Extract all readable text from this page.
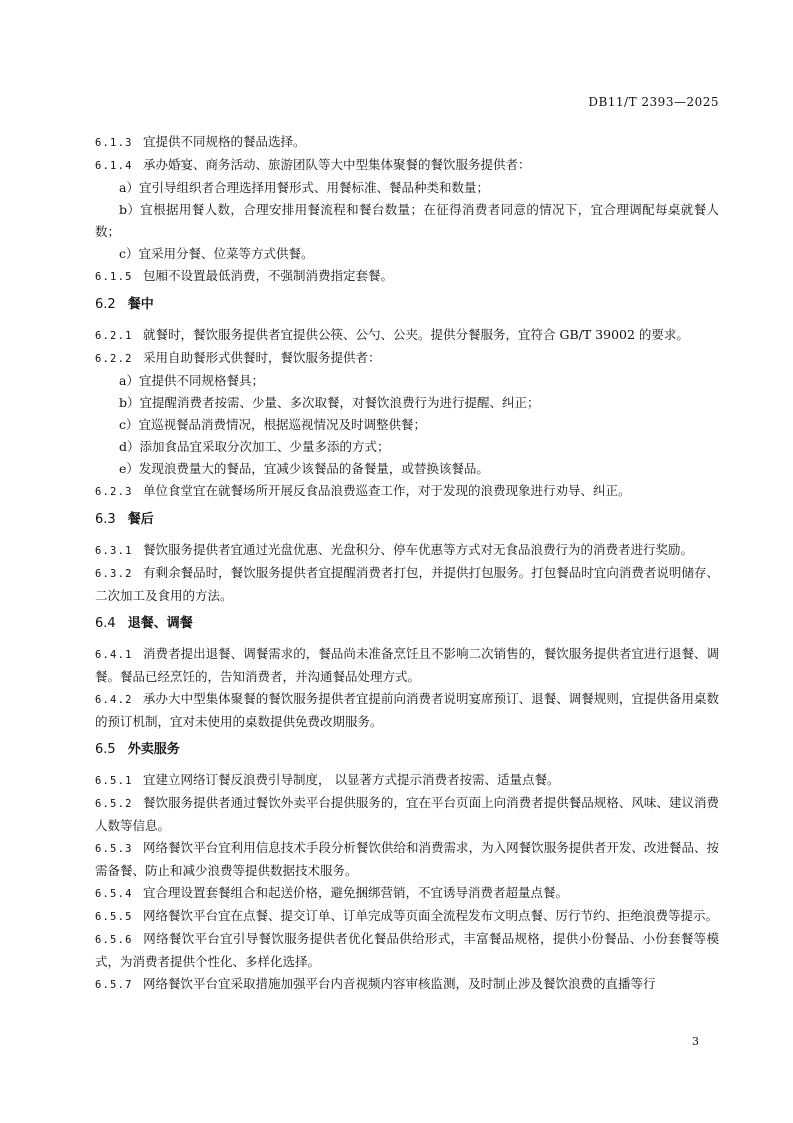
DB11/T 2393—2025

6.1.3 宜提供不同规格的餐品选择。

6.1.4 承办婚宴、商务活动、旅游团队等大中型集体聚餐的餐饮服务提供者：

a）宜引导组织者合理选择用餐形式、用餐标准、餐品种类和数量；

b）宜根据用餐人数，合理安排用餐流程和餐台数量；在征得消费者同意的情况下，宜合理调配每桌就餐人数；

c）宜采用分餐、位菜等方式供餐。

6.1.5 包厢不设置最低消费，不强制消费指定套餐。

6.2 餐中

6.2.1 就餐时，餐饮服务提供者宜提供公筷、公勺、公夹。提供分餐服务，宜符合 GB/T 39002 的要求。

6.2.2 采用自助餐形式供餐时，餐饮服务提供者：

a）宜提供不同规格餐具；

b）宜提醒消费者按需、少量、多次取餐，对餐饮浪费行为进行提醒、纠正；

c）宜巡视餐品消费情况，根据巡视情况及时调整供餐；

d）添加食品宜采取分次加工、少量多添的方式；

e）发现浪费量大的餐品，宜减少该餐品的备餐量，或替换该餐品。

6.2.3 单位食堂宜在就餐场所开展反食品浪费巡查工作，对于发现的浪费现象进行劝导、纠正。

6.3 餐后

6.3.1 餐饮服务提供者宜通过光盘优惠、光盘积分、停车优惠等方式对无食品浪费行为的消费者进行奖励。

6.3.2 有剩余餐品时，餐饮服务提供者宜提醒消费者打包，并提供打包服务。打包餐品时宜向消费者说明储存、二次加工及食用的方法。

6.4 退餐、调餐

6.4.1 消费者提出退餐、调餐需求的，餐品尚未准备烹饪且不影响二次销售的，餐饮服务提供者宜进行退餐、调餐。餐品已经烹饪的，告知消费者，并沟通餐品处理方式。

6.4.2 承办大中型集体聚餐的餐饮服务提供者宜提前向消费者说明宴席预订、退餐、调餐规则，宜提供备用桌数的预订机制，宜对未使用的桌数提供免费改期服务。

6.5 外卖服务

6.5.1 宜建立网络订餐反浪费引导制度， 以显著方式提示消费者按需、适量点餐。

6.5.2 餐饮服务提供者通过餐饮外卖平台提供服务的，宜在平台页面上向消费者提供餐品规格、风味、建议消费人数等信息。

6.5.3 网络餐饮平台宜利用信息技术手段分析餐饮供给和消费需求，为入网餐饮服务提供者开发、改进餐品、按需备餐、防止和减少浪费等提供数据技术服务。

6.5.4 宜合理设置套餐组合和起送价格，避免捆绑营销，不宜诱导消费者超量点餐。

6.5.5 网络餐饮平台宜在点餐、提交订单、订单完成等页面全流程发布文明点餐、厉行节约、拒绝浪费等提示。

6.5.6 网络餐饮平台宜引导餐饮服务提供者优化餐品供给形式，丰富餐品规格，提供小份餐品、小份套餐等模式，为消费者提供个性化、多样化选择。

6.5.7 网络餐饮平台宜采取措施加强平台内音视频内容审核监测，及时制止涉及餐饮浪费的直播等行

3
